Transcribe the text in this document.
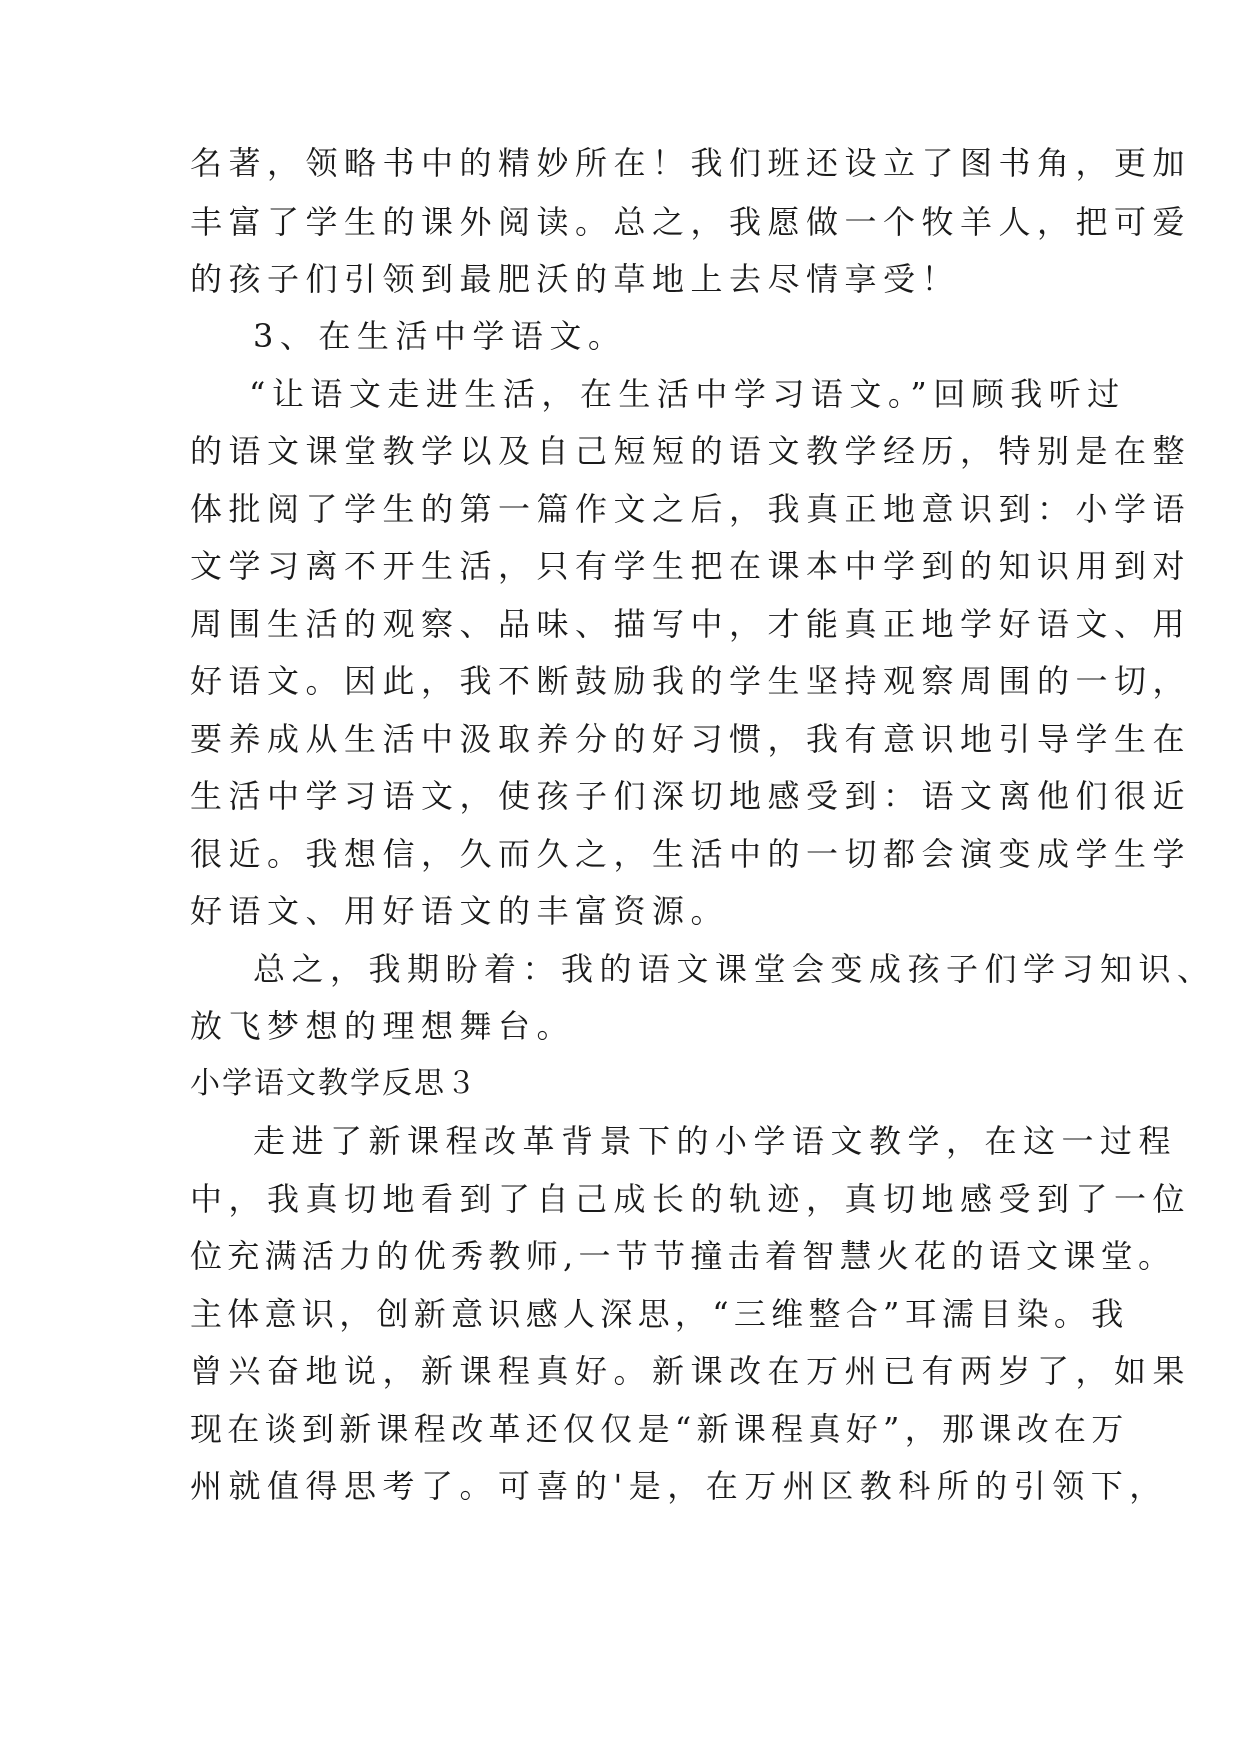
名著，领略书中的精妙所在！我们班还设立了图书角，更加
丰富了学生的课外阅读。总之，我愿做一个牧羊人，把可爱
的孩子们引领到最肥沃的草地上去尽情享受！
3、在生活中学语文。
“让语文走进生活，在生活中学习语文。”回顾我听过
的语文课堂教学以及自己短短的语文教学经历，特别是在整
体批阅了学生的第一篇作文之后，我真正地意识到：小学语
文学习离不开生活，只有学生把在课本中学到的知识用到对
周围生活的观察、品味、描写中，才能真正地学好语文、用
好语文。因此，我不断鼓励我的学生坚持观察周围的一切，
要养成从生活中汲取养分的好习惯，我有意识地引导学生在
生活中学习语文，使孩子们深切地感受到：语文离他们很近
很近。我想信，久而久之，生活中的一切都会演变成学生学
好语文、用好语文的丰富资源。
总之，我期盼着：我的语文课堂会变成孩子们学习知识、
放飞梦想的理想舞台。
小学语文教学反思３
走进了新课程改革背景下的小学语文教学，在这一过程
中，我真切地看到了自己成长的轨迹，真切地感受到了一位
位充满活力的优秀教师,一节节撞击着智慧火花的语文课堂。
主体意识，创新意识感人深思，“三维整合”耳濡目染。我
曾兴奋地说，新课程真好。新课改在万州已有两岁了，如果
现在谈到新课程改革还仅仅是“新课程真好”，那课改在万
州就值得思考了。可喜的'是，在万州区教科所的引领下，
